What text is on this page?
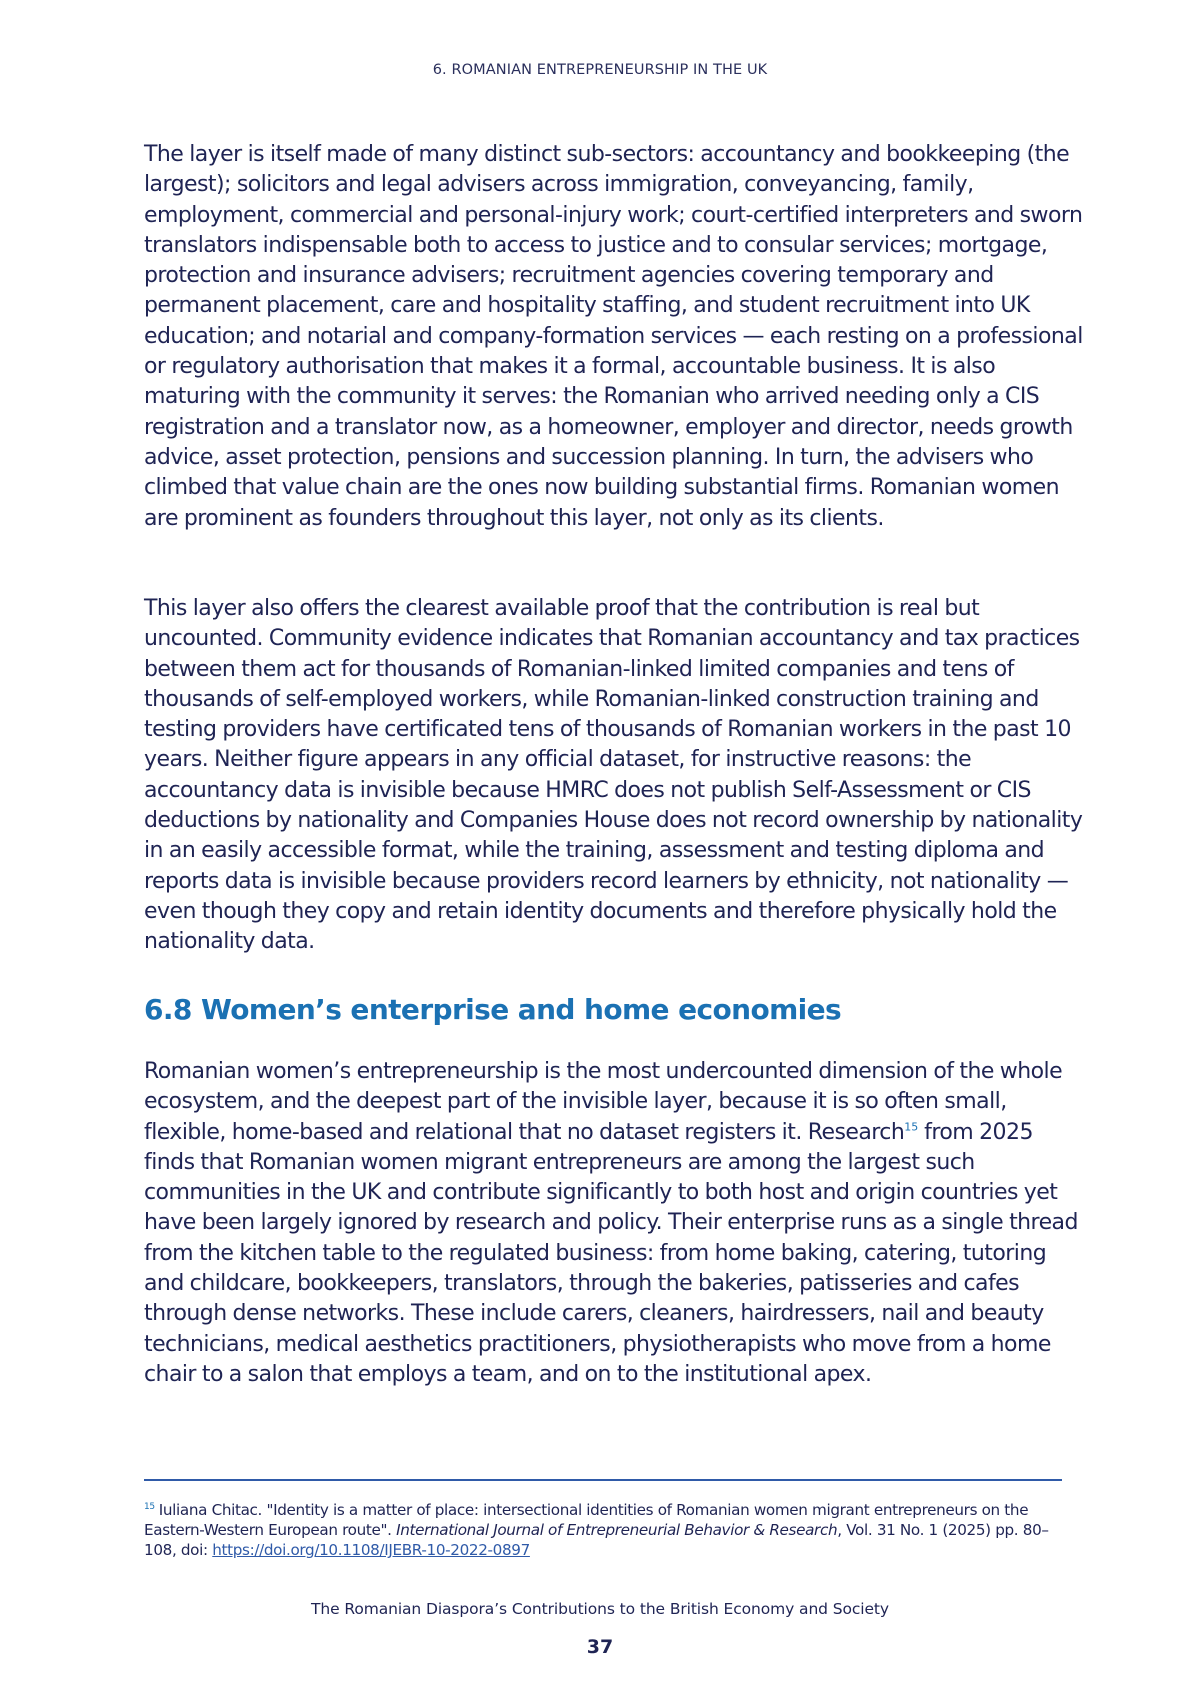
6. ROMANIAN ENTREPRENEURSHIP IN THE UK

The layer is itself made of many distinct sub-sectors: accountancy and bookkeeping (the largest); solicitors and legal advisers across immigration, conveyancing, family, employment, commercial and personal-injury work; court-certified interpreters and sworn translators indispensable both to access to justice and to consular services; mortgage, protection and insurance advisers; recruitment agencies covering temporary and permanent placement, care and hospitality staffing, and student recruitment into UK education; and notarial and company-formation services — each resting on a professional or regulatory authorisation that makes it a formal, accountable business. It is also maturing with the community it serves: the Romanian who arrived needing only a CIS registration and a translator now, as a homeowner, employer and director, needs growth advice, asset protection, pensions and succession planning. In turn, the advisers who climbed that value chain are the ones now building substantial firms. Romanian women are prominent as founders throughout this layer, not only as its clients.

This layer also offers the clearest available proof that the contribution is real but uncounted. Community evidence indicates that Romanian accountancy and tax practices between them act for thousands of Romanian-linked limited companies and tens of thousands of self-employed workers, while Romanian-linked construction training and testing providers have certificated tens of thousands of Romanian workers in the past 10 years. Neither figure appears in any official dataset, for instructive reasons: the accountancy data is invisible because HMRC does not publish Self-Assessment or CIS deductions by nationality and Companies House does not record ownership by nationality in an easily accessible format, while the training, assessment and testing diploma and reports data is invisible because providers record learners by ethnicity, not nationality — even though they copy and retain identity documents and therefore physically hold the nationality data.

6.8 Women’s enterprise and home economies

Romanian women’s entrepreneurship is the most undercounted dimension of the whole ecosystem, and the deepest part of the invisible layer, because it is so often small, flexible, home-based and relational that no dataset registers it. Research$^{15}$ from 2025 finds that Romanian women migrant entrepreneurs are among the largest such communities in the UK and contribute significantly to both host and origin countries yet have been largely ignored by research and policy. Their enterprise runs as a single thread from the kitchen table to the regulated business: from home baking, catering, tutoring and childcare, bookkeepers, translators, through the bakeries, patisseries and cafes through dense networks. These include carers, cleaners, hairdressers, nail and beauty technicians, medical aesthetics practitioners, physiotherapists who move from a home chair to a salon that employs a team, and on to the institutional apex.

$^{15}$ Iuliana Chitac. "Identity is a matter of place: intersectional identities of Romanian women migrant entrepreneurs on the Eastern-Western European route". International Journal of Entrepreneurial Behavior & Research, Vol. 31 No. 1 (2025) pp. 80–108, doi: https://doi.org/10.1108/IJEBR-10-2022-0897

The Romanian Diaspora’s Contributions to the British Economy and Society
37
